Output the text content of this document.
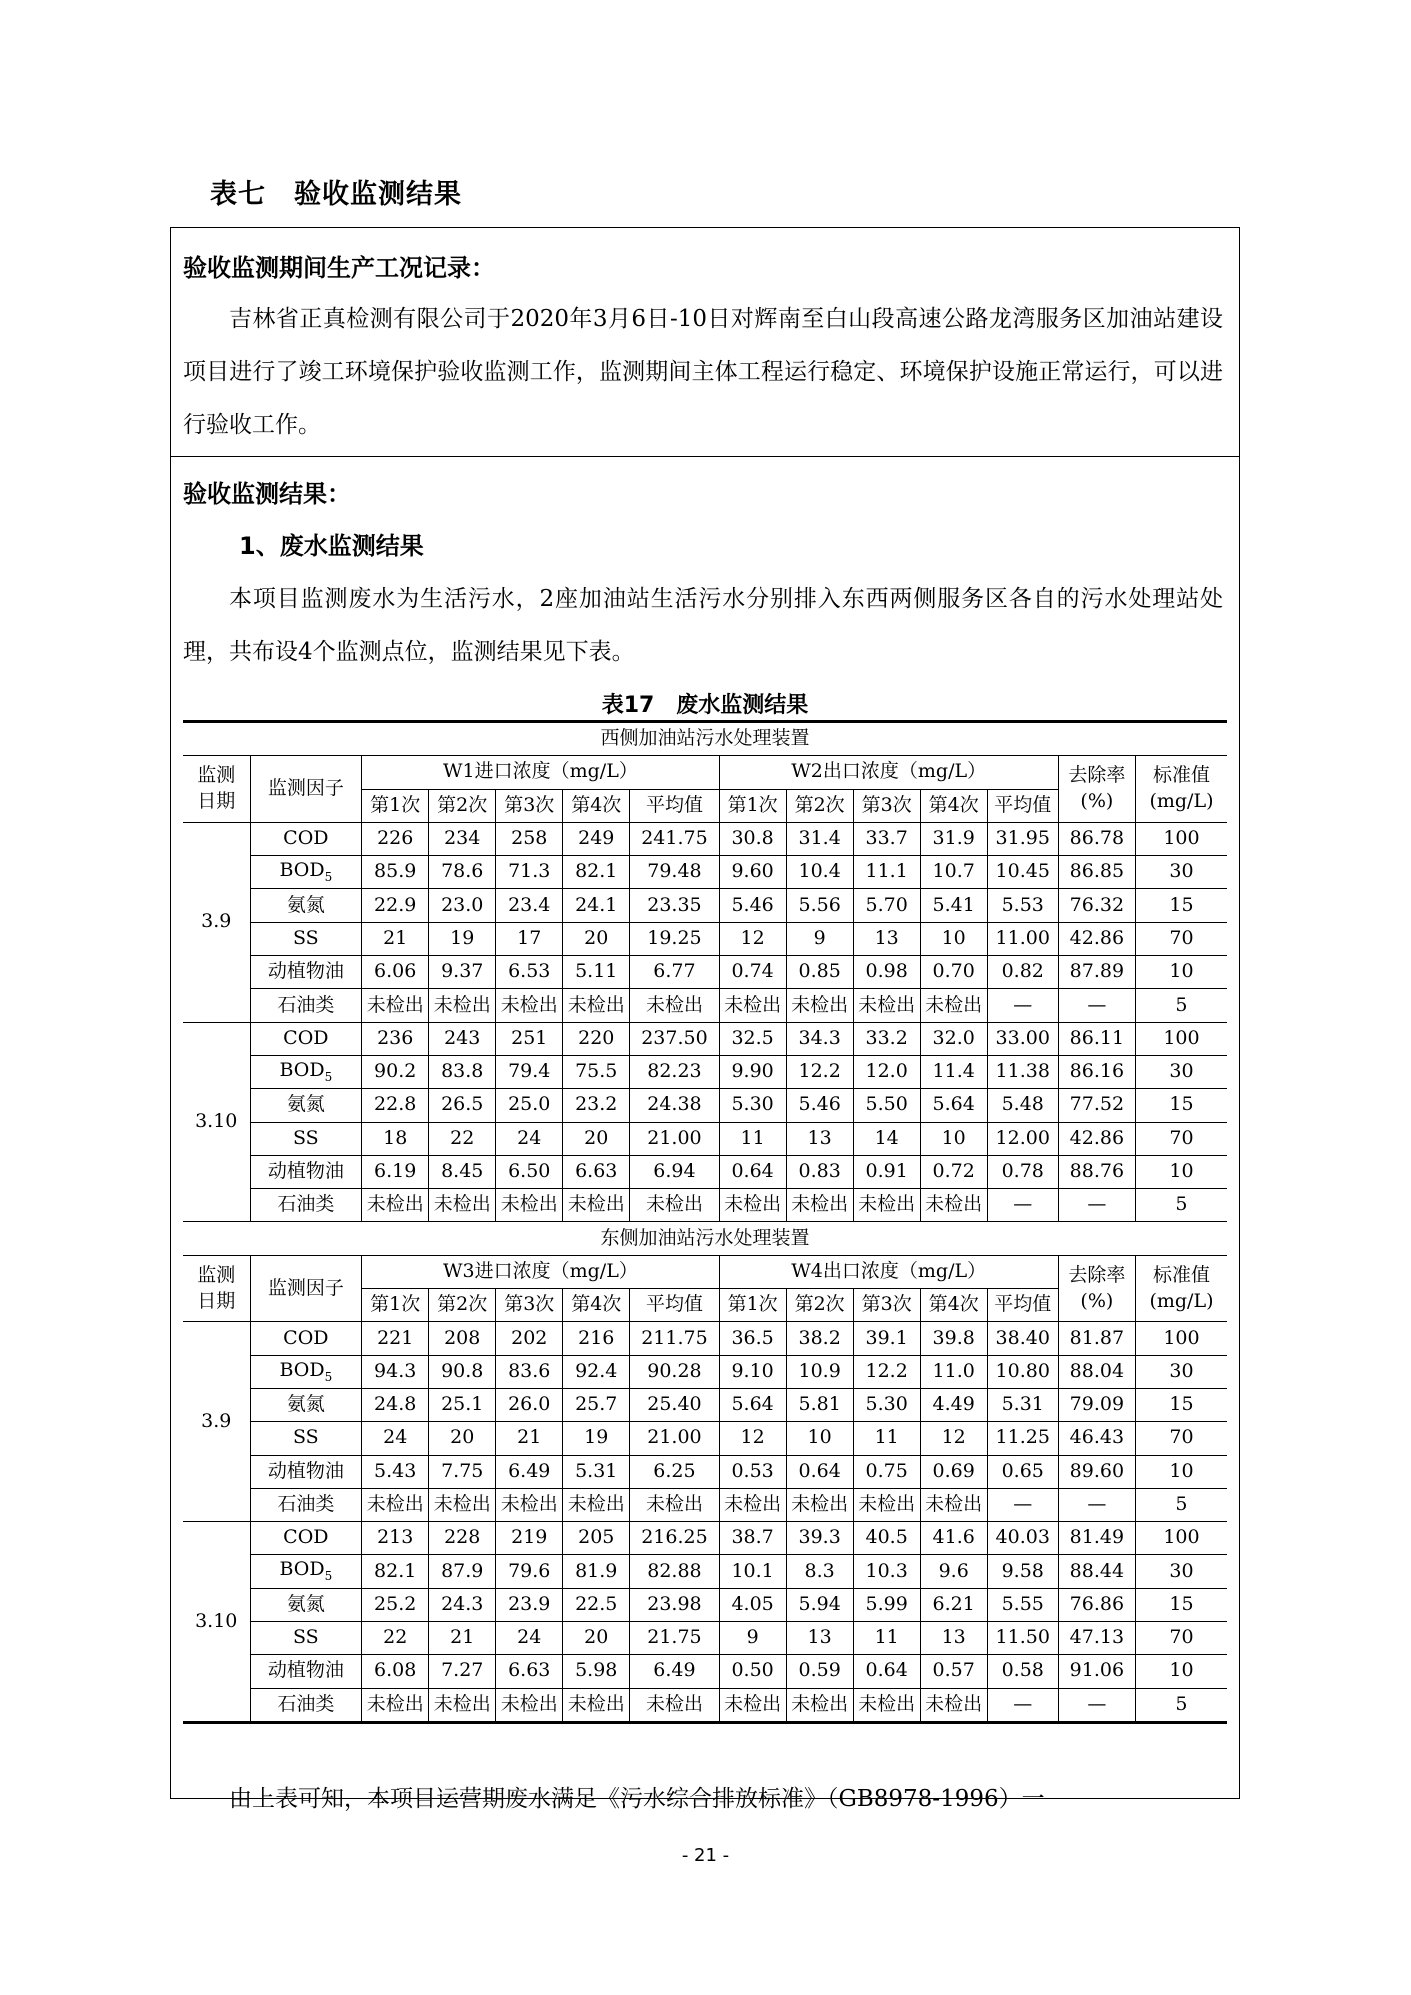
表七　验收监测结果
验收监测期间生产工况记录：
吉林省正真检测有限公司于2020年3月6日-10日对辉南至白山段高速公路龙湾服务区加油站建设项目进行了竣工环境保护验收监测工作，监测期间主体工程运行稳定、环境保护设施正常运行，可以进行验收工作。
验收监测结果：
1、废水监测结果
本项目监测废水为生活污水，2座加油站生活污水分别排入东西两侧服务区各自的污水处理站处理，共布设4个监测点位，监测结果见下表。
表17　废水监测结果
西侧加油站污水处理装置													
监测
日期	监测因子	W1进口浓度（mg/L）					W2出口浓度（mg/L）					去除率
(%)	标准值
(mg/L)
		第1次	第2次	第3次	第4次	平均值	第1次	第2次	第3次	第4次	平均值		
3.9	COD	226	234	258	249	241.75	30.8	31.4	33.7	31.9	31.95	86.78	100
	$BOD_5$	85.9	78.6	71.3	82.1	79.48	9.60	10.4	11.1	10.7	10.45	86.85	30
	氨氮	22.9	23.0	23.4	24.1	23.35	5.46	5.56	5.70	5.41	5.53	76.32	15
	SS	21	19	17	20	19.25	12	9	13	10	11.00	42.86	70
	动植物油	6.06	9.37	6.53	5.11	6.77	0.74	0.85	0.98	0.70	0.82	87.89	10
	石油类	未检出	未检出	未检出	未检出	未检出	未检出	未检出	未检出	未检出	—	—	5
3.10	COD	236	243	251	220	237.50	32.5	34.3	33.2	32.0	33.00	86.11	100
	$BOD_5$	90.2	83.8	79.4	75.5	82.23	9.90	12.2	12.0	11.4	11.38	86.16	30
	氨氮	22.8	26.5	25.0	23.2	24.38	5.30	5.46	5.50	5.64	5.48	77.52	15
	SS	18	22	24	20	21.00	11	13	14	10	12.00	42.86	70
	动植物油	6.19	8.45	6.50	6.63	6.94	0.64	0.83	0.91	0.72	0.78	88.76	10
	石油类	未检出	未检出	未检出	未检出	未检出	未检出	未检出	未检出	未检出	—	—	5
东侧加油站污水处理装置													
监测
日期	监测因子	W3进口浓度（mg/L）					W4出口浓度（mg/L）					去除率
(%)	标准值
(mg/L)
		第1次	第2次	第3次	第4次	平均值	第1次	第2次	第3次	第4次	平均值		
3.9	COD	221	208	202	216	211.75	36.5	38.2	39.1	39.8	38.40	81.87	100
	$BOD_5$	94.3	90.8	83.6	92.4	90.28	9.10	10.9	12.2	11.0	10.80	88.04	30
	氨氮	24.8	25.1	26.0	25.7	25.40	5.64	5.81	5.30	4.49	5.31	79.09	15
	SS	24	20	21	19	21.00	12	10	11	12	11.25	46.43	70
	动植物油	5.43	7.75	6.49	5.31	6.25	0.53	0.64	0.75	0.69	0.65	89.60	10
	石油类	未检出	未检出	未检出	未检出	未检出	未检出	未检出	未检出	未检出	—	—	5
3.10	COD	213	228	219	205	216.25	38.7	39.3	40.5	41.6	40.03	81.49	100
	$BOD_5$	82.1	87.9	79.6	81.9	82.88	10.1	8.3	10.3	9.6	9.58	88.44	30
	氨氮	25.2	24.3	23.9	22.5	23.98	4.05	5.94	5.99	6.21	5.55	76.86	15
	SS	22	21	24	20	21.75	9	13	11	13	11.50	47.13	70
	动植物油	6.08	7.27	6.63	5.98	6.49	0.50	0.59	0.64	0.57	0.58	91.06	10
	石油类	未检出	未检出	未检出	未检出	未检出	未检出	未检出	未检出	未检出	—	—	5
由上表可知，本项目运营期废水满足《污水综合排放标准》（GB8978-1996）一
- 21 -
